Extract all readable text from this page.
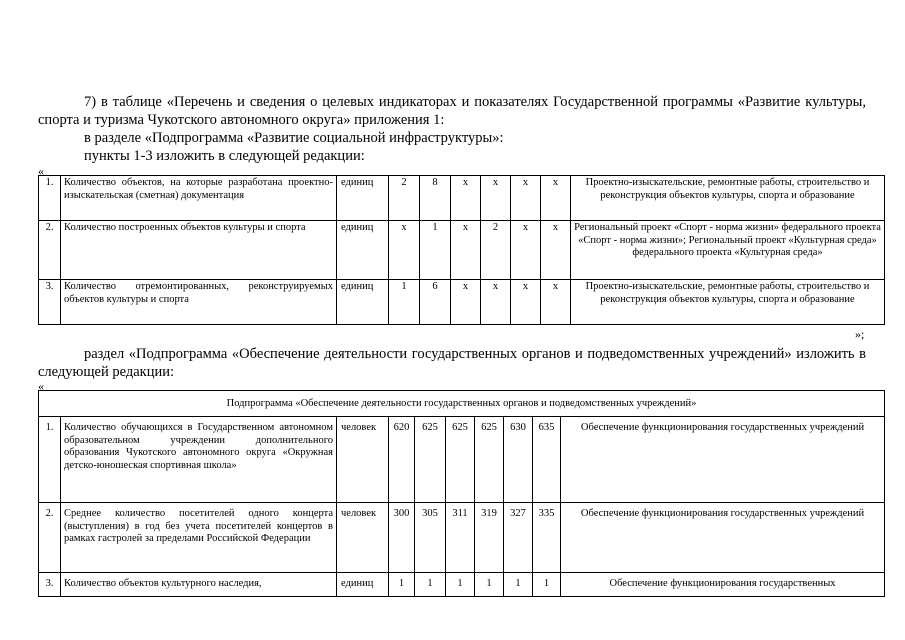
7) в таблице «Перечень и сведения о целевых индикаторах и показателях Государственной программы «Развитие культуры, спорта и туризма Чукотского автономного округа» приложения 1:
в разделе «Подпрограмма «Развитие социальной инфраструктуры»:
пункты 1-3 изложить в следующей редакции:
«
1.	Количество объектов, на которые разработана проектно-изыскательская (сметная) документация	единиц	2	8	х	х	х	х	Проектно-изыскательские, ремонтные работы, строительство и реконструкция объектов культуры, спорта и образование
2.	Количество построенных объектов культуры и спорта	единиц	х	1	х	2	х	х	Региональный проект «Спорт - норма жизни» федерального проекта «Спорт - норма жизни»; Региональный проект «Культурная среда» федерального проекта «Культурная среда»
3.	Количество отремонтированных, реконструируемых объектов культуры и спорта	единиц	1	6	х	х	х	х	Проектно-изыскательские, ремонтные работы, строительство и реконструкция объектов культуры, спорта и образование
»;
раздел «Подпрограмма «Обеспечение деятельности государственных органов и подведомственных учреждений» изложить в следующей редакции:
«
Подпрограмма «Обеспечение деятельности государственных органов и подведомственных учреждений»									
1.	Количество обучающихся в Государственном автономном образовательном учреждении дополнительного образования Чукотского автономного округа «Окружная детско-юношеская спортивная школа»	человек	620	625	625	625	630	635	Обеспечение функционирования государственных учреждений
2.	Среднее количество посетителей одного концерта (выступления) в год без учета посетителей концертов в рамках гастролей за пределами Российской Федерации	человек	300	305	311	319	327	335	Обеспечение функционирования государственных учреждений
3.	Количество объектов культурного наследия,	единиц	1	1	1	1	1	1	Обеспечение функционирования государственных
